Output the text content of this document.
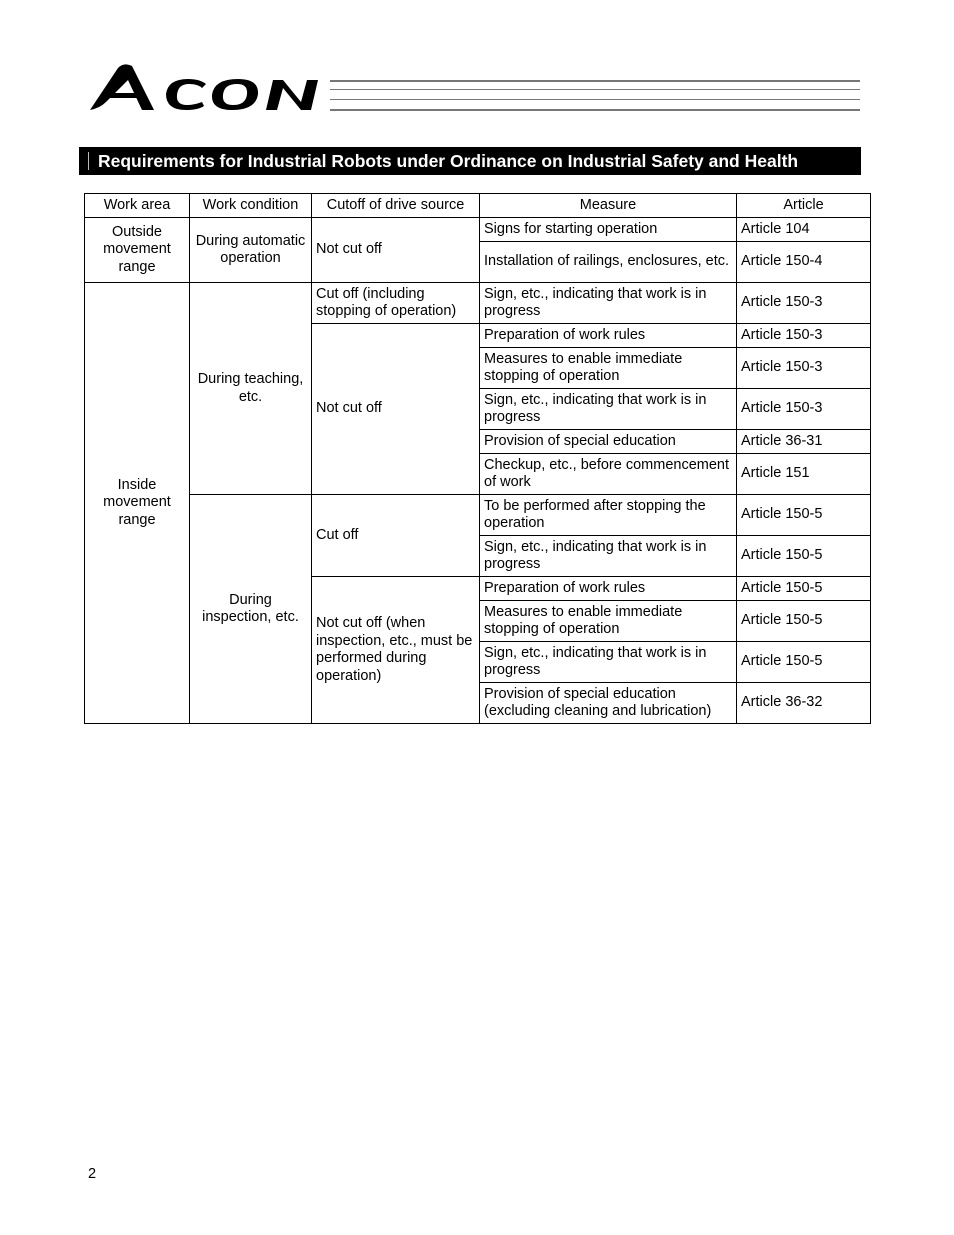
Requirements for Industrial Robots under Ordinance on Industrial Safety and Health
Work area	Work condition	Cutoff of drive source	Measure	Article
Outside movement range	During automatic operation	Not cut off	Signs for starting operation	Article 104
			Installation of railings, enclosures, etc.	Article 150-4
Inside movement range	During teaching, etc.	Cut off (including stopping of operation)	Sign, etc., indicating that work is in progress	Article 150-3
		Not cut off	Preparation of work rules	Article 150-3
			Measures to enable immediate stopping of operation	Article 150-3
			Sign, etc., indicating that work is in progress	Article 150-3
			Provision of special education	Article 36-31
			Checkup, etc., before commencement of work	Article 151
	During inspection, etc.	Cut off	To be performed after stopping the operation	Article 150-5
			Sign, etc., indicating that work is in progress	Article 150-5
		Not cut off (when inspection, etc., must be performed during operation)	Preparation of work rules	Article 150-5
			Measures to enable immediate stopping of operation	Article 150-5
			Sign, etc., indicating that work is in progress	Article 150-5
			Provision of special education (excluding cleaning and lubrication)	Article 36-32
2
